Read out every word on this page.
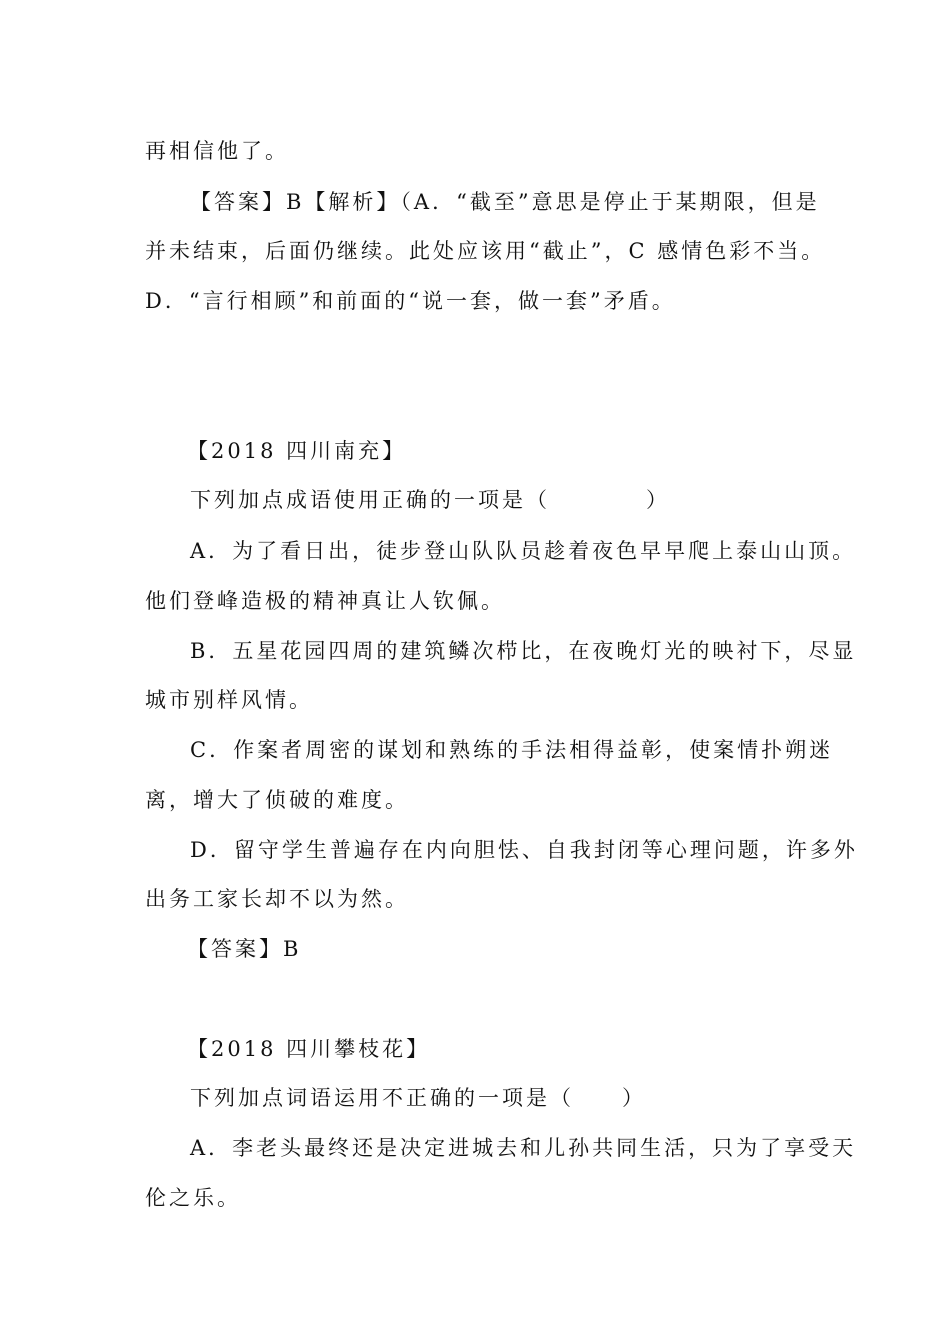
再相信他了。
【答案】B【解析】（A．“截至”意思是停止于某期限，但是
并未结束，后面仍继续。此处应该用“截止”，C 感情色彩不当。
D．“言行相顾”和前面的“说一套，做一套”矛盾。
【2018 四川南充】
下列加点成语使用正确的一项是（　　　　）
A．为了看日出，徒步登山队队员趁着夜色早早爬上泰山山顶。
他们登峰造极的精神真让人钦佩。
B．五星花园四周的建筑鳞次栉比，在夜晚灯光的映衬下，尽显
城市别样风情。
C．作案者周密的谋划和熟练的手法相得益彰，使案情扑朔迷
离，增大了侦破的难度。
D．留守学生普遍存在内向胆怯、自我封闭等心理问题，许多外
出务工家长却不以为然。
【答案】B
【2018 四川攀枝花】
下列加点词语运用不正确的一项是（　　）
A．李老头最终还是决定进城去和儿孙共同生活，只为了享受天
伦之乐。
